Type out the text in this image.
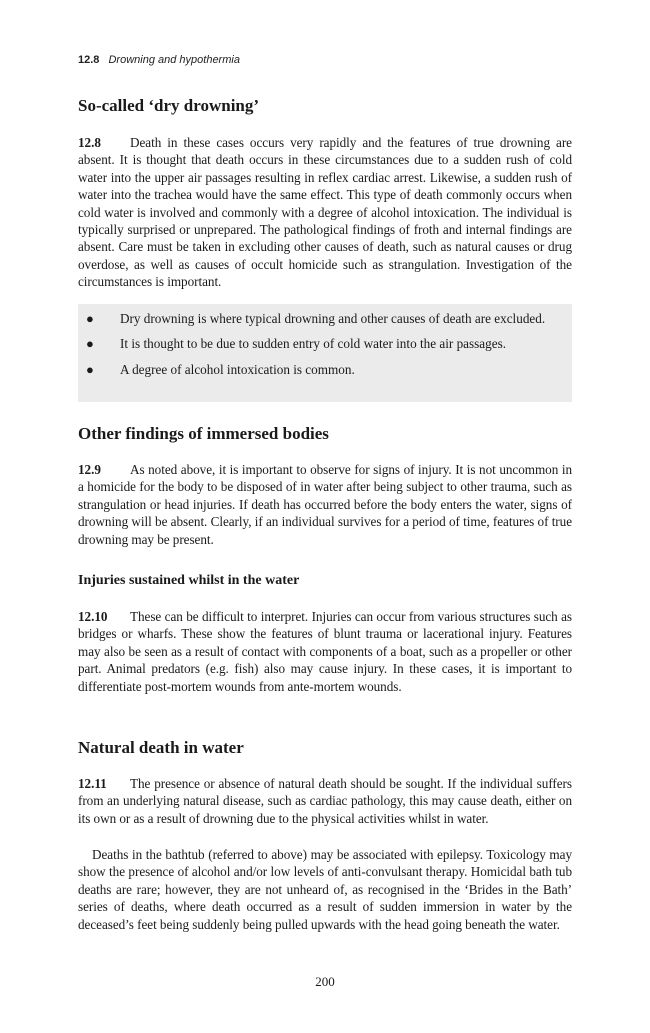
12.8 Drowning and hypothermia
So-called ‘dry drowning’

12.8 Death in these cases occurs very rapidly and the features of true drowning are absent. It is thought that death occurs in these circumstances due to a sudden rush of cold water into the upper air passages resulting in reflex cardiac arrest. Likewise, a sudden rush of water into the trachea would have the same effect. This type of death commonly occurs when cold water is involved and commonly with a degree of alcohol intoxication. The individual is typically surprised or unprepared. The pathological findings of froth and internal findings are absent. Care must be taken in excluding other causes of death, such as natural causes or drug overdose, as well as causes of occult homicide such as strangulation. Investigation of the circumstances is important.

● Dry drowning is where typical drowning and other causes of death are excluded.
● It is thought to be due to sudden entry of cold water into the air passages.
● A degree of alcohol intoxication is common.
Other findings of immersed bodies

12.9 As noted above, it is important to observe for signs of injury. It is not uncommon in a homicide for the body to be disposed of in water after being subject to other trauma, such as strangulation or head injuries. If death has occurred before the body enters the water, signs of drowning will be absent. Clearly, if an individual survives for a period of time, features of true drowning may be present.

Injuries sustained whilst in the water

12.10 These can be difficult to interpret. Injuries can occur from various structures such as bridges or wharfs. These show the features of blunt trauma or lacerational injury. Features may also be seen as a result of contact with components of a boat, such as a propeller or other part. Animal predators (e.g. fish) also may cause injury. In these cases, it is important to differentiate post-mortem wounds from ante-mortem wounds.

Natural death in water

12.11 The presence or absence of natural death should be sought. If the individual suffers from an underlying natural disease, such as cardiac pathology, this may cause death, either on its own or as a result of drowning due to the physical activities whilst in water.

Deaths in the bathtub (referred to above) may be associated with epilepsy. Toxicology may show the presence of alcohol and/or low levels of anti-convulsant therapy. Homicidal bath tub deaths are rare; however, they are not unheard of, as recognised in the ‘Brides in the Bath’ series of deaths, where death occurred as a result of sudden immersion in water by the deceased’s feet being suddenly being pulled upwards with the head going beneath the water.

200
